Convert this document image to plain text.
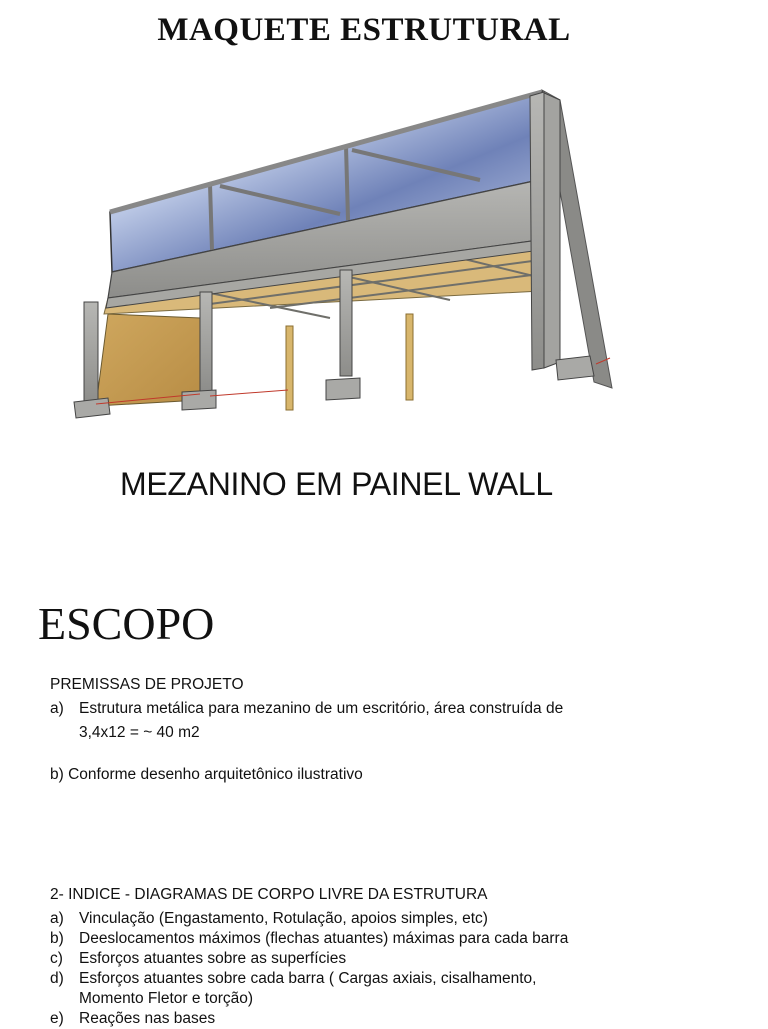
MAQUETE ESTRUTURAL
MEZANINO EM PAINEL WALL
ESCOPO
PREMISSAS DE PROJETO
a) Estrutura metálica para mezanino de um escritório, área construída de
3,4x12 = ~ 40 m2
b) Conforme desenho arquitetônico ilustrativo
2- INDICE - DIAGRAMAS DE CORPO LIVRE DA ESTRUTURA
a) Vinculação (Engastamento, Rotulação, apoios simples, etc)
b) Deeslocamentos máximos (flechas atuantes) máximas para cada barra
c)	Esforços atuantes sobre as superfícies
d) Esforços atuantes sobre cada barra ( Cargas axiais, cisalhamento, Momento Fletor e torção)
e) Reações nas bases
